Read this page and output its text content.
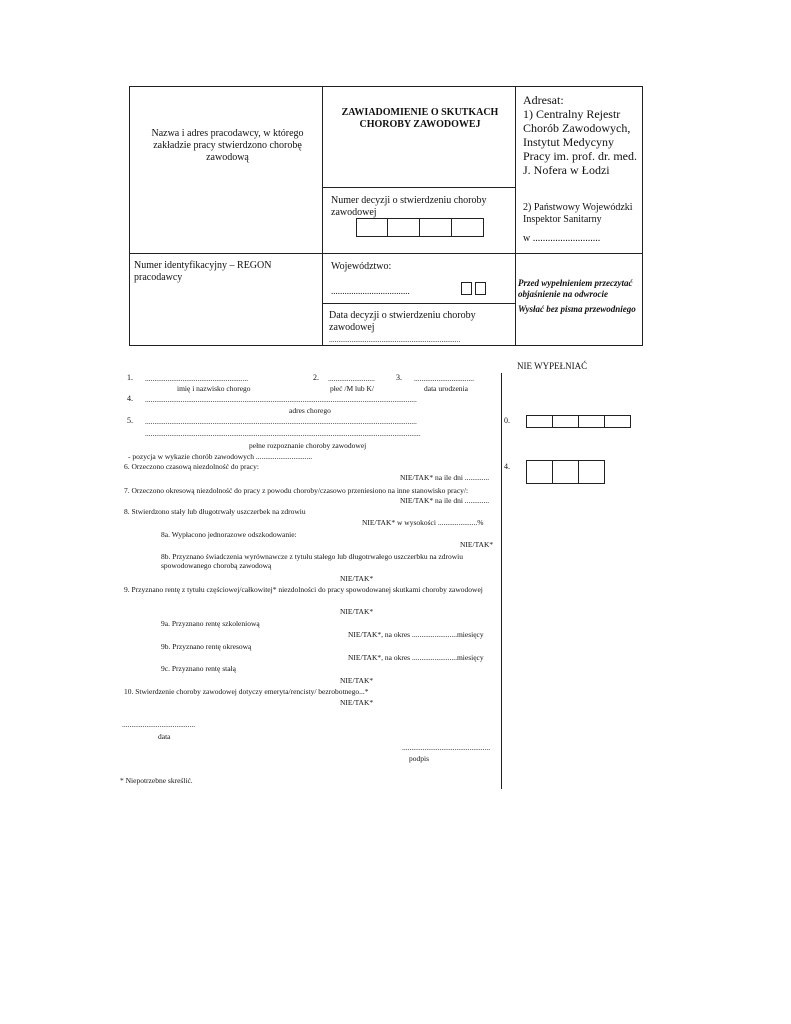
Nazwa i adres pracodawcy, w którego zakładzie pracy stwierdzono chorobę zawodową
ZAWIADOMIENIE O SKUTKACH CHOROBY ZAWODOWEJ
Adresat:
1) Centralny Rejestr Chorób Zawodowych, Instytut Medycyny Pracy im. prof. dr. med. J. Nofera w Łodzi
Numer decyzji o stwierdzeniu choroby zawodowej	2) Państwowy Wojewódzki Inspektor Sanitarny
w ...........................
Numer identyfikacyjny – REGON pracodawcy
Województwo:
...................................
Przed wypełnieniem przeczytać objaśnienie na odwrocie
Wysłać bez pisma przewodniego
Data decyzji o stwierdzeniu choroby zawodowej
......................................................................
NIE WYPEŁNIAĆ
0.
4.
1. .......................................................	2. .........................	3. ................................
imię i nazwisko chorego	płeć /M lub K/	data urodzenia
4. .................................................................................................................................................
adres chorego
5. .................................................................................................................................................
...................................................................................................................................................
pełne rozpoznanie choroby zawodowej
- pozycja w wykazie chorób zawodowych ..............................
6. Orzeczono czasową niezdolność do pracy:
NIE/TAK* na ile dni .............
7. Orzeczono okresową niezdolność do pracy z powodu choroby/czasowo przeniesiono na inne stanowisko pracy/:
NIE/TAK* na ile dni .............
8. Stwierdzono stały lub długotrwały uszczerbek na zdrowiu
NIE/TAK* w wysokości .....................%
8a. Wypłacono jednorazowe odszkodowanie:
NIE/TAK*
8b. Przyznano świadczenia wyrównawcze z tytułu stałego lub długotrwałego uszczerbku na zdrowiu spowodowanego chorobą zawodową
NIE/TAK*
9. Przyznano rentę z tytułu częściowej/całkowitej* niezdolności do pracy spowodowanej skutkami choroby zawodowej
NIE/TAK*
9a. Przyznano rentę szkoleniową
NIE/TAK*, na okres ........................miesięcy
9b. Przyznano rentę okresową
NIE/TAK*, na okres ........................miesięcy
9c. Przyznano rentę stałą
NIE/TAK*
10. Stwierdzenie choroby zawodowej dotyczy emeryta/rencisty/ bezrobotnego...*
NIE/TAK*
.......................................
data
...............................................
podpis
* Niepotrzebne skreślić.
